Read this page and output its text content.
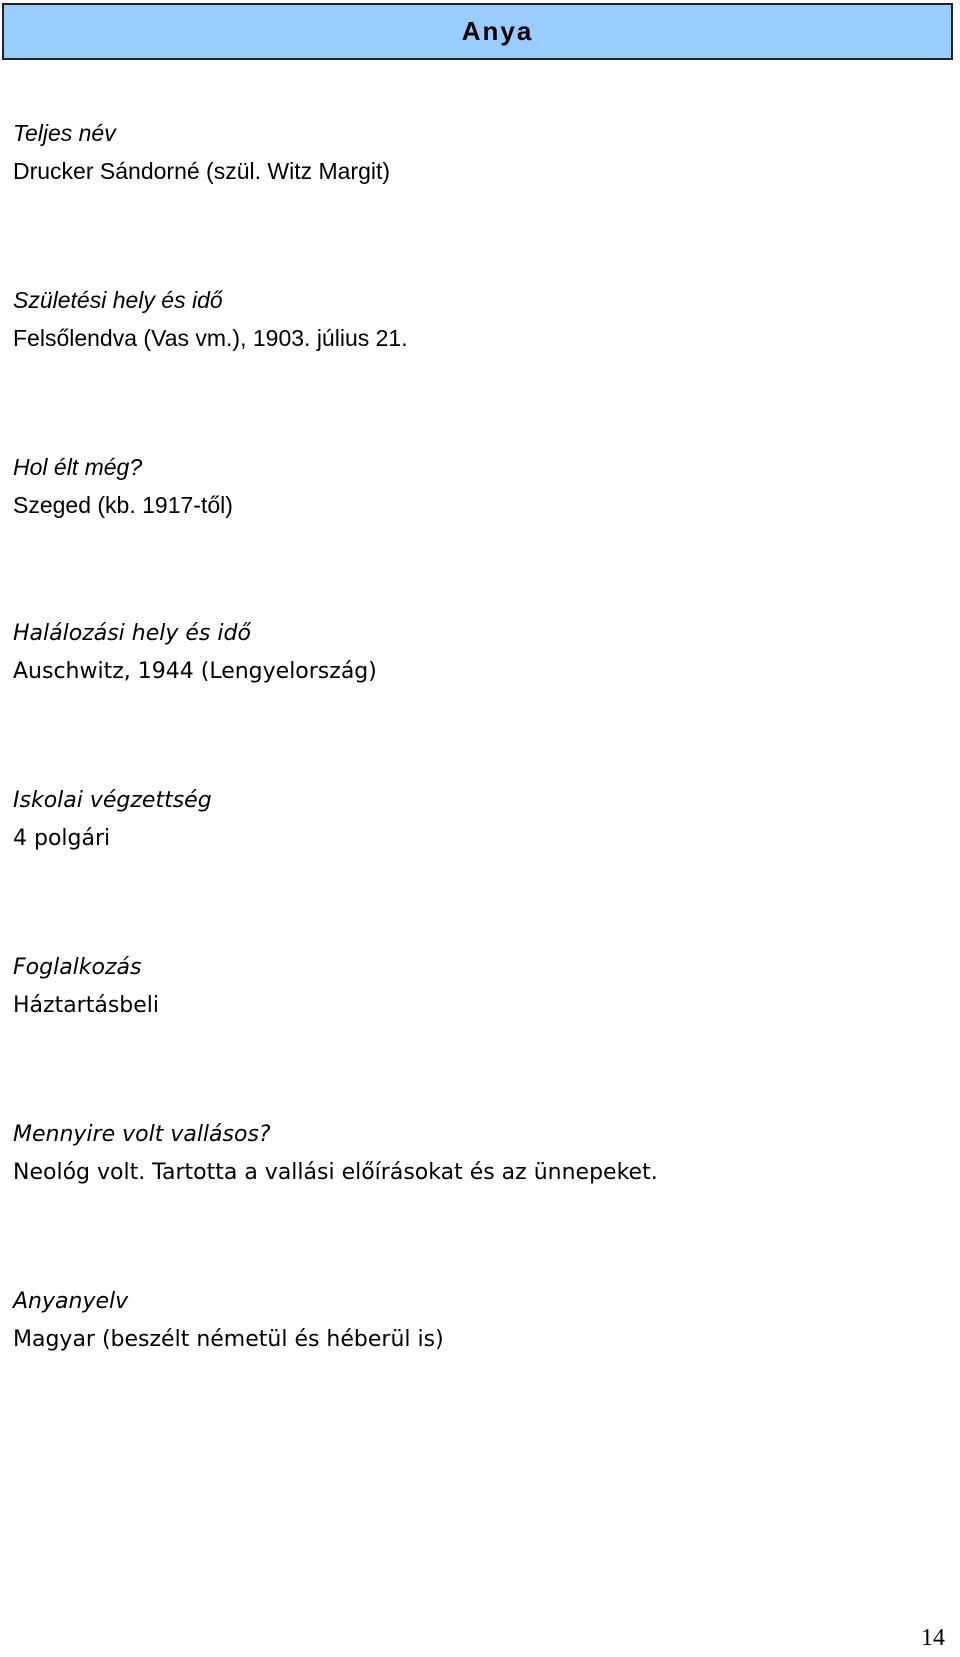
Anya
Teljes név
Drucker Sándorné (szül. Witz Margit)
Születési hely és idő
Felsőlendva (Vas vm.), 1903. július 21.
Hol élt még?
Szeged (kb. 1917-től)
Halálozási hely és idő
Auschwitz, 1944 (Lengyelország)
Iskolai végzettség
4 polgári
Foglalkozás
Háztartásbeli
Mennyire volt vallásos?
Neológ volt. Tartotta a vallási előírásokat és az ünnepeket.
Anyanyelv
Magyar (beszélt németül és héberül is)
14
